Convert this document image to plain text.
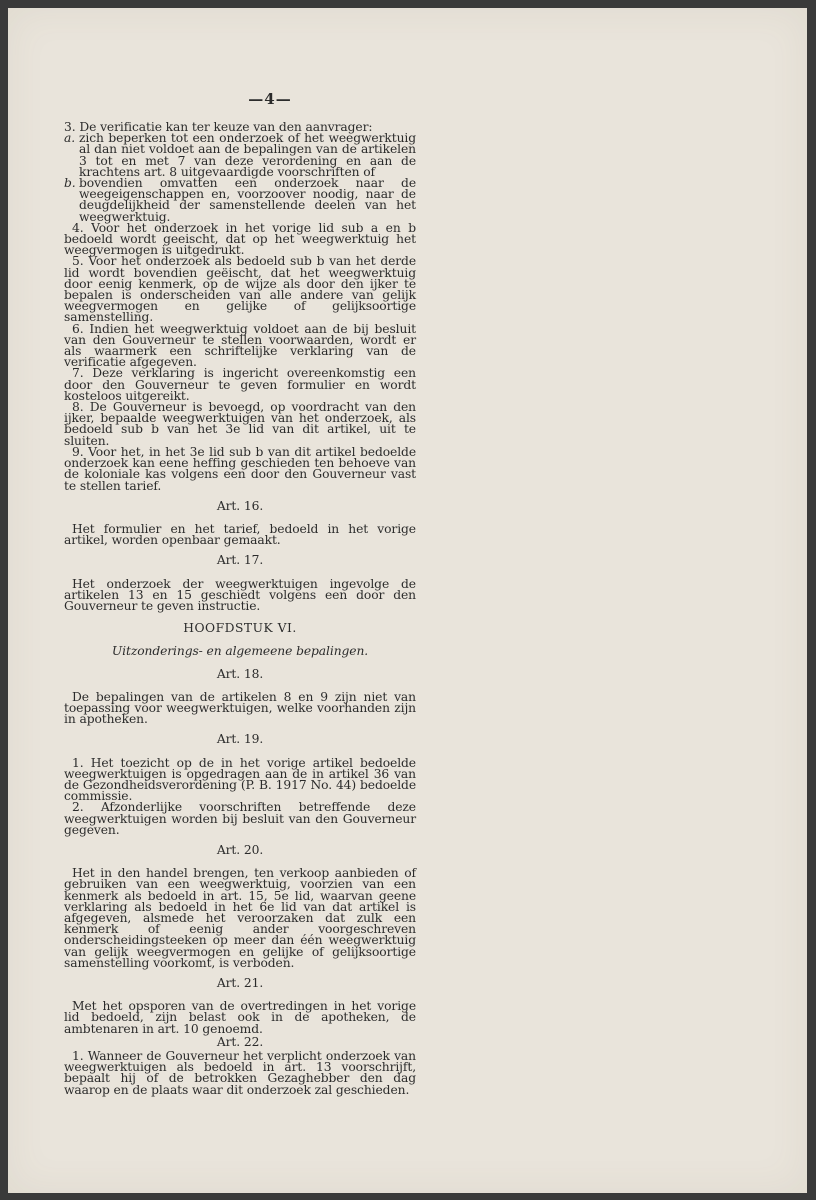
—4—

3. De verificatie kan ter keuze van den aanvrager:

a. zich beperken tot een onderzoek of het weegwerktuig al dan niet voldoet aan de bepalingen van de artikelen 3 tot en met 7 van deze verordening en aan de krachtens art. 8 uitgevaardigde voorschriften of
b. bovendien omvatten een onderzoek naar de weegeigenschappen en, voorzoover noodig, naar de deugdelijkheid der samenstellende deelen van het weegwerktuig.

4. Voor het onderzoek in het vorige lid sub a en b bedoeld wordt geeischt, dat op het weegwerktuig het weegvermogen is uitgedrukt.

5. Voor het onderzoek als bedoeld sub b van het derde lid wordt bovendien geëischt, dat het weegwerktuig door eenig kenmerk, op de wijze als door den ijker te bepalen is onderscheiden van alle andere van gelijk weegvermogen en gelijke of gelijksoortige samenstelling.

6. Indien het weegwerktuig voldoet aan de bij besluit van den Gouverneur te stellen voorwaarden, wordt er als waarmerk een schriftelijke verklaring van de verificatie afgegeven.

7. Deze verklaring is ingericht overeenkomstig een door den Gouverneur te geven formulier en wordt kosteloos uitgereikt.

8. De Gouverneur is bevoegd, op voordracht van den ijker, bepaalde weegwerktuigen van het onderzoek, als bedoeld sub b van het 3e lid van dit artikel, uit te sluiten.

9. Voor het, in het 3e lid sub b van dit artikel bedoelde onderzoek kan eene heffing geschieden ten behoeve van de koloniale kas volgens een door den Gouverneur vast te stellen tarief.

Art. 16.

Het formulier en het tarief, bedoeld in het vorige artikel, worden openbaar gemaakt.

Art. 17.

Het onderzoek der weegwerktuigen ingevolge de artikelen 13 en 15 geschiedt volgens een door den Gouverneur te geven instructie.

HOOFDSTUK VI.
Uitzonderings- en algemeene bepalingen.
Art. 18.

De bepalingen van de artikelen 8 en 9 zijn niet van toepassing voor weegwerktuigen, welke voorhanden zijn in apotheken.

Art. 19.

1. Het toezicht op de in het vorige artikel bedoelde weegwerktuigen is opgedragen aan de in artikel 36 van de Gezondheidsverordening (P. B. 1917 No. 44) bedoelde commissie.

2. Afzonderlijke voorschriften betreffende deze weegwerktuigen worden bij besluit van den Gouverneur gegeven.

Art. 20.

Het in den handel brengen, ten verkoop aanbieden of gebruiken van een weegwerktuig, voorzien van een kenmerk als bedoeld in art. 15, 5e lid, waarvan geene verklaring als bedoeld in het 6e lid van dat artikel is afgegeven, alsmede het veroorzaken dat zulk een kenmerk of eenig ander voorgeschreven onderscheidingsteeken op meer dan één weegwerktuig van gelijk weegvermogen en gelijke of gelijksoortige samenstelling voorkomt, is verboden.

Art. 21.

Met het opsporen van de overtredingen in het vorige lid bedoeld, zijn belast ook in de apotheken, de ambtenaren in art. 10 genoemd.

Art. 22.

1. Wanneer de Gouverneur het verplicht onderzoek van weegwerktuigen als bedoeld in art. 13 voorschrijft, bepaalt hij of de betrokken Gezaghebber den dag waarop en de plaats waar dit onderzoek zal geschieden.
